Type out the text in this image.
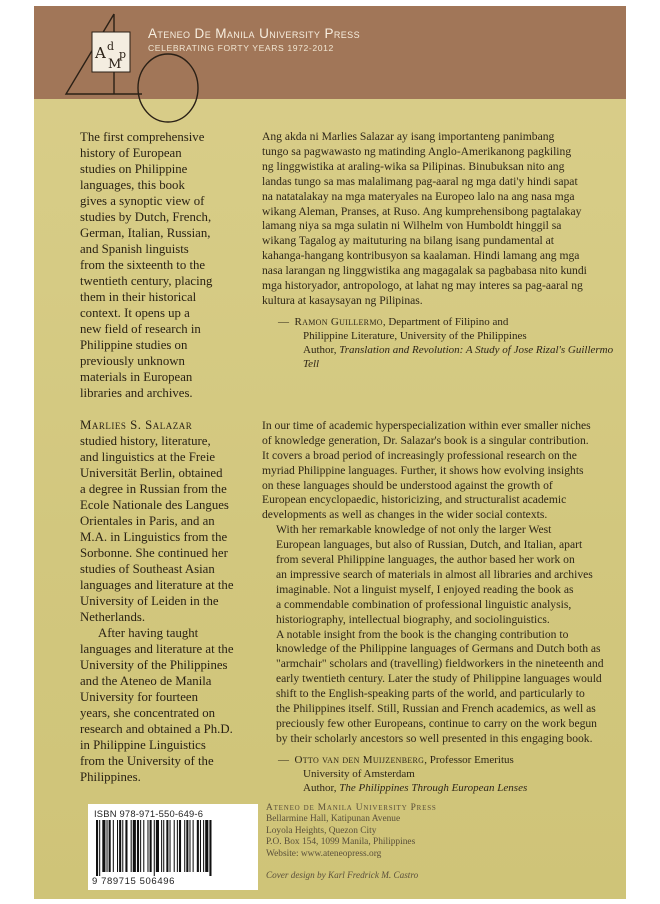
A d
M
p
Ateneo De Manila University Press
CELEBRATING FORTY YEARS 1972-2012
The first comprehensive
history of European
studies on Philippine
languages, this book
gives a synoptic view of
studies by Dutch, French,
German, Italian, Russian,
and Spanish linguists
from the sixteenth to the
twentieth century, placing
them in their historical
context. It opens up a
new field of research in
Philippine studies on
previously unknown
materials in European
libraries and archives.

Marlies S. Salazar

studied history, literature,
and linguistics at the Freie
Universität Berlin, obtained
a degree in Russian from the
Ecole Nationale des Langues
Orientales in Paris, and an
M.A. in Linguistics from the
Sorbonne. She continued her
studies of Southeast Asian
languages and literature at the
University of Leiden in the
Netherlands.
After having taught
languages and literature at the
University of the Philippines
and the Ateneo de Manila
University for fourteen
years, she concentrated on
research and obtained a Ph.D.
in Philippine Linguistics
from the University of the
Philippines.
Ang akda ni Marlies Salazar ay isang importanteng panimbang
tungo sa pagwawasto ng matinding Anglo-Amerikanong pagkiling
ng linggwistika at araling-wika sa Pilipinas. Binubuksan nito ang
landas tungo sa mas malalimang pag-aaral ng mga dati'y hindi sapat
na natatalakay na mga materyales na Europeo lalo na ang nasa mga
wikang Aleman, Pranses, at Ruso. Ang kumprehensibong pagtalakay
lamang niya sa mga sulatin ni Wilhelm von Humboldt hinggil sa
wikang Tagalog ay maituturing na bilang isang pundamental at
kahanga-hangang kontribusyon sa kaalaman. Hindi lamang ang mga
nasa larangan ng linggwistika ang magagalak sa pagbabasa nito kundi
mga historyador, antropologo, at lahat ng may interes sa pag-aaral ng
kultura at kasaysayan ng Pilipinas.
— Ramon Guillermo, Department of Filipino and
Philippine Literature, University of the Philippines
Author, Translation and Revolution: A Study of Jose Rizal's Guillermo Tell
In our time of academic hyperspecialization within ever smaller niches
of knowledge generation, Dr. Salazar's book is a singular contribution.
It covers a broad period of increasingly professional research on the
myriad Philippine languages. Further, it shows how evolving insights
on these languages should be understood against the growth of
European encyclopaedic, historicizing, and structuralist academic
developments as well as changes in the wider social contexts.
With her remarkable knowledge of not only the larger West
European languages, but also of Russian, Dutch, and Italian, apart
from several Philippine languages, the author based her work on
an impressive search of materials in almost all libraries and archives
imaginable. Not a linguist myself, I enjoyed reading the book as
a commendable combination of professional linguistic analysis,
historiography, intellectual biography, and sociolinguistics.
A notable insight from the book is the changing contribution to
knowledge of the Philippine languages of Germans and Dutch both as
"armchair" scholars and (travelling) fieldworkers in the nineteenth and
early twentieth century. Later the study of Philippine languages would
shift to the English-speaking parts of the world, and particularly to
the Philippines itself. Still, Russian and French academics, as well as
preciously few other Europeans, continue to carry on the work begun
by their scholarly ancestors so well presented in this engaging book.
— Otto van den Muijzenberg, Professor Emeritus
University of Amsterdam
Author, The Philippines Through European Lenses
ISBN 978-971-550-649-6
9 789715 506496
Ateneo de Manila University Press
Bellarmine Hall, Katipunan Avenue
Loyola Heights, Quezon City
P.O. Box 154, 1099 Manila, Philippines
Website: www.ateneopress.org
Cover design by Karl Fredrick M. Castro
